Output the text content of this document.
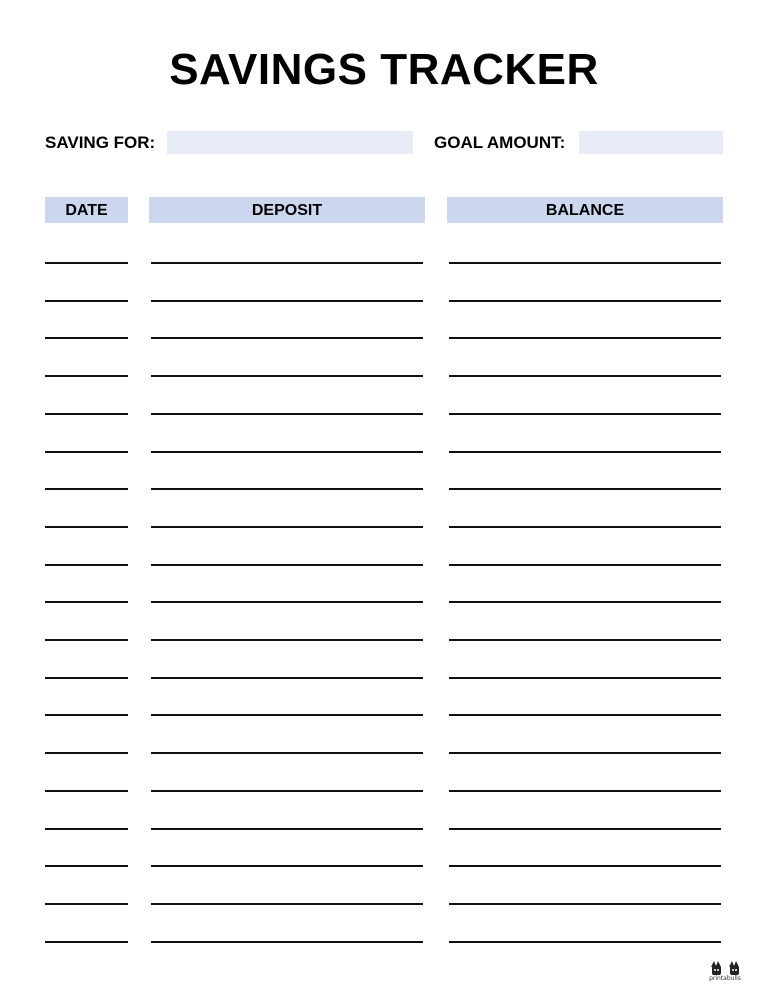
SAVINGS TRACKER
SAVING FOR:	GOAL AMOUNT:
DATE	DEPOSIT	BALANCE
printabulls
